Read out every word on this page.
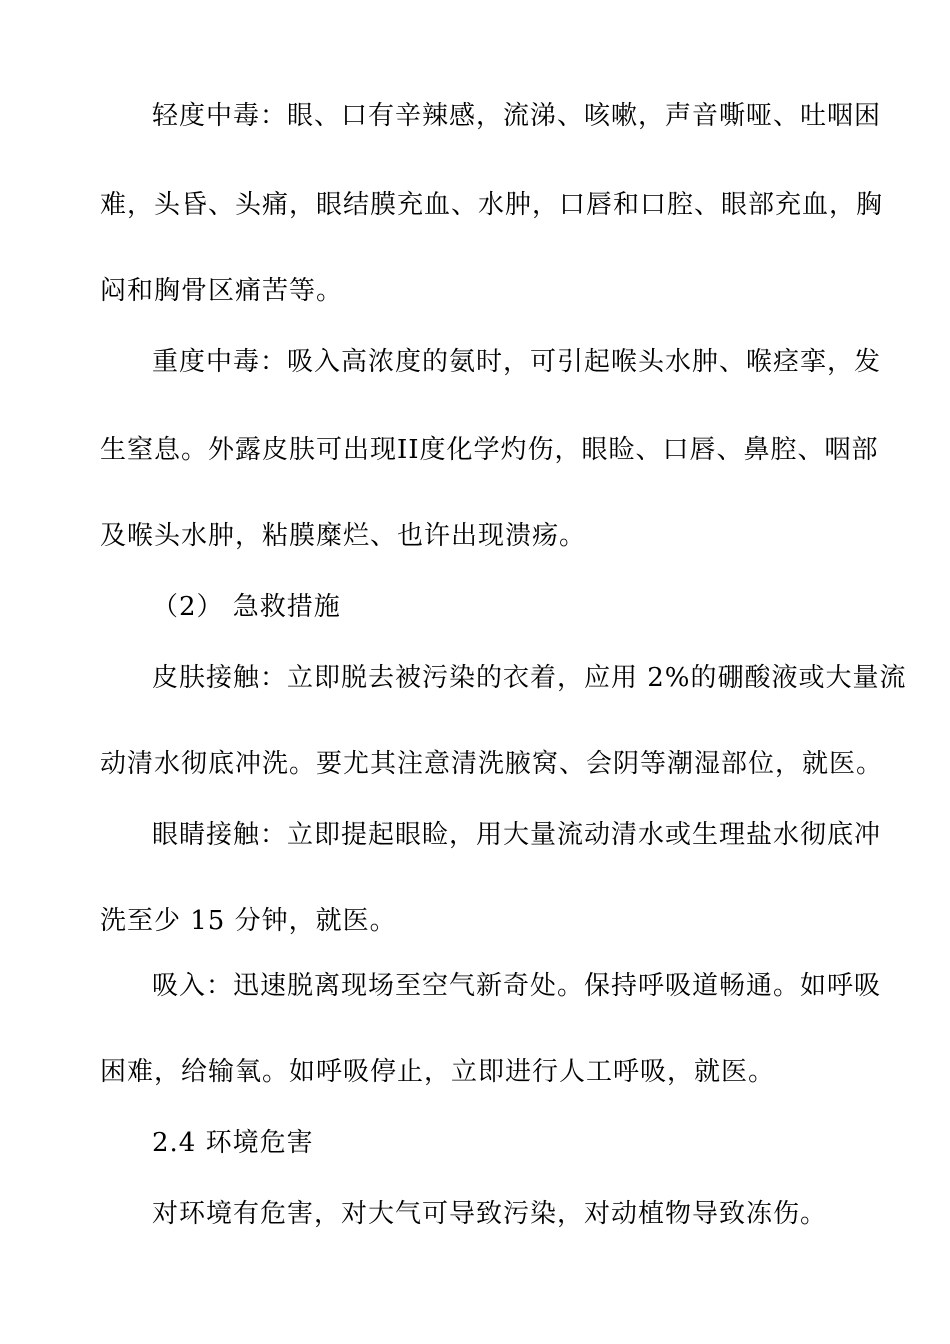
轻度中毒：眼、口有辛辣感，流涕、咳嗽，声音嘶哑、吐咽困
难，头昏、头痛，眼结膜充血、水肿，口唇和口腔、眼部充血，胸
闷和胸骨区痛苦等。
重度中毒：吸入高浓度的氨时，可引起喉头水肿、喉痉挛，发
生窒息。外露皮肤可出现II度化学灼伤，眼睑、口唇、鼻腔、咽部
及喉头水肿，粘膜糜烂、也许出现溃疡。
（2） 急救措施
皮肤接触：立即脱去被污染的衣着，应用 2%的硼酸液或大量流
动清水彻底冲洗。要尤其注意清洗腋窝、会阴等潮湿部位，就医。
眼睛接触：立即提起眼睑，用大量流动清水或生理盐水彻底冲
洗至少 15 分钟，就医。
吸入：迅速脱离现场至空气新奇处。保持呼吸道畅通。如呼吸
困难，给输氧。如呼吸停止，立即进行人工呼吸，就医。
2.4 环境危害
对环境有危害，对大气可导致污染，对动植物导致冻伤。
